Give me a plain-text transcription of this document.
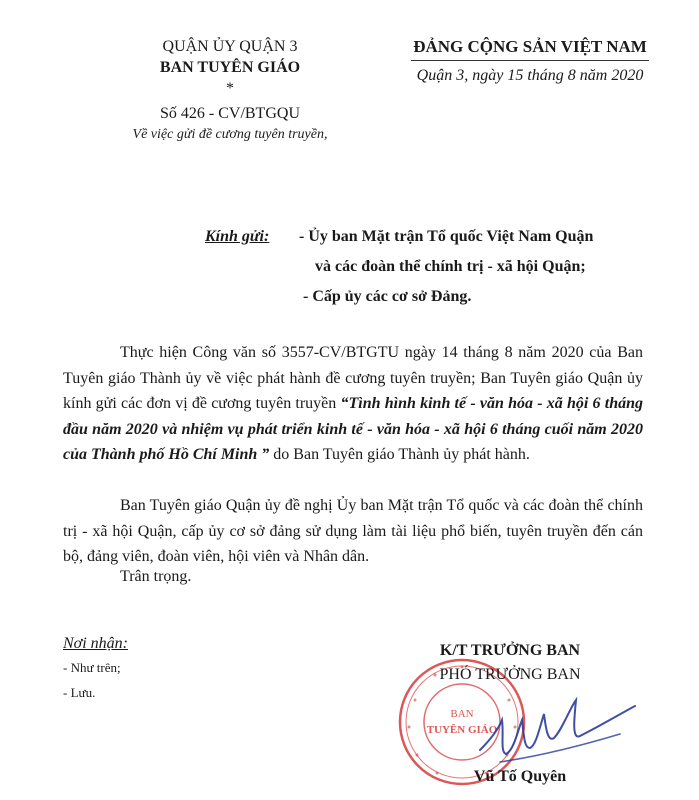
QUẬN ỦY QUẬN 3
BAN TUYÊN GIÁO
*
Số 426 - CV/BTGQU
Về việc gửi đề cương tuyên truyền,
ĐẢNG CỘNG SẢN VIỆT NAM
Quận 3, ngày 15 tháng 8 năm 2020
Kính gửi: - Ủy ban Mặt trận Tổ quốc Việt Nam Quận
và các đoàn thể chính trị - xã hội Quận;
- Cấp ủy các cơ sở Đảng.
Thực hiện Công văn số 3557-CV/BTGTU ngày 14 tháng 8 năm 2020 của Ban Tuyên giáo Thành ủy về việc phát hành đề cương tuyên truyền; Ban Tuyên giáo Quận ủy kính gửi các đơn vị đề cương tuyên truyền “Tình hình kinh tế - văn hóa - xã hội 6 tháng đầu năm 2020 và nhiệm vụ phát triển kinh tế - văn hóa - xã hội 6 tháng cuối năm 2020 của Thành phố Hồ Chí Minh ” do Ban Tuyên giáo Thành ủy phát hành.
Ban Tuyên giáo Quận ủy đề nghị Ủy ban Mặt trận Tổ quốc và các đoàn thể chính trị - xã hội Quận, cấp ủy cơ sở đảng sử dụng làm tài liệu phổ biến, tuyên truyền đến cán bộ, đảng viên, đoàn viên, hội viên và Nhân dân.
Trân trọng.
Nơi nhận:
- Như trên;
- Lưu.
BAN
TUYÊN GIÁO
K/T TRƯỞNG BAN
PHÓ TRƯỞNG BAN
Vũ Tố Quyên
